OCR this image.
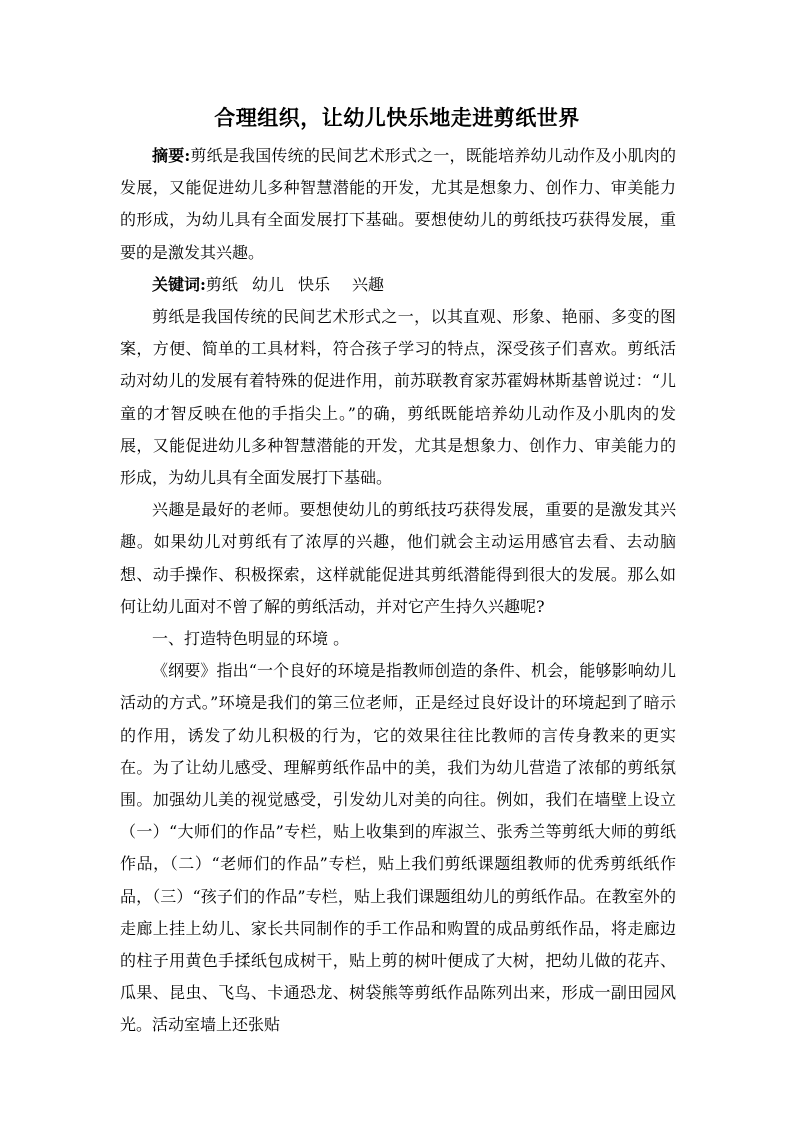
合理组织，让幼儿快乐地走进剪纸世界

摘要:剪纸是我国传统的民间艺术形式之一，既能培养幼儿动作及小肌肉的发展，又能促进幼儿多种智慧潜能的开发，尤其是想象力、创作力、审美能力的形成，为幼儿具有全面发展打下基础。要想使幼儿的剪纸技巧获得发展，重要的是激发其兴趣。

关键词:剪纸 幼儿 快乐 兴趣

剪纸是我国传统的民间艺术形式之一，以其直观、形象、艳丽、多变的图案，方便、简单的工具材料，符合孩子学习的特点，深受孩子们喜欢。剪纸活动对幼儿的发展有着特殊的促进作用，前苏联教育家苏霍姆林斯基曾说过：“儿童的才智反映在他的手指尖上。”的确，剪纸既能培养幼儿动作及小肌肉的发展，又能促进幼儿多种智慧潜能的开发，尤其是想象力、创作力、审美能力的形成，为幼儿具有全面发展打下基础。

兴趣是最好的老师。要想使幼儿的剪纸技巧获得发展，重要的是激发其兴趣。如果幼儿对剪纸有了浓厚的兴趣，他们就会主动运用感官去看、去动脑想、动手操作、积极探索，这样就能促进其剪纸潜能得到很大的发展。那么如何让幼儿面对不曾了解的剪纸活动，并对它产生持久兴趣呢?

一、打造特色明显的环境 。

《纲要》指出“一个良好的环境是指教师创造的条件、机会，能够影响幼儿活动的方式。”环境是我们的第三位老师，正是经过良好设计的环境起到了暗示的作用，诱发了幼儿积极的行为，它的效果往往比教师的言传身教来的更实在。为了让幼儿感受、理解剪纸作品中的美，我们为幼儿营造了浓郁的剪纸氛围。加强幼儿美的视觉感受，引发幼儿对美的向往。例如，我们在墙壁上设立（一）“大师们的作品”专栏，贴上收集到的库淑兰、张秀兰等剪纸大师的剪纸作品，（二）“老师们的作品”专栏，贴上我们剪纸课题组教师的优秀剪纸纸作品，（三）“孩子们的作品”专栏，贴上我们课题组幼儿的剪纸作品。在教室外的走廊上挂上幼儿、家长共同制作的手工作品和购置的成品剪纸作品，将走廊边的柱子用黄色手揉纸包成树干，贴上剪的树叶便成了大树，把幼儿做的花卉、瓜果、昆虫、飞鸟、卡通恐龙、树袋熊等剪纸作品陈列出来，形成一副田园风光。活动室墙上还张贴
